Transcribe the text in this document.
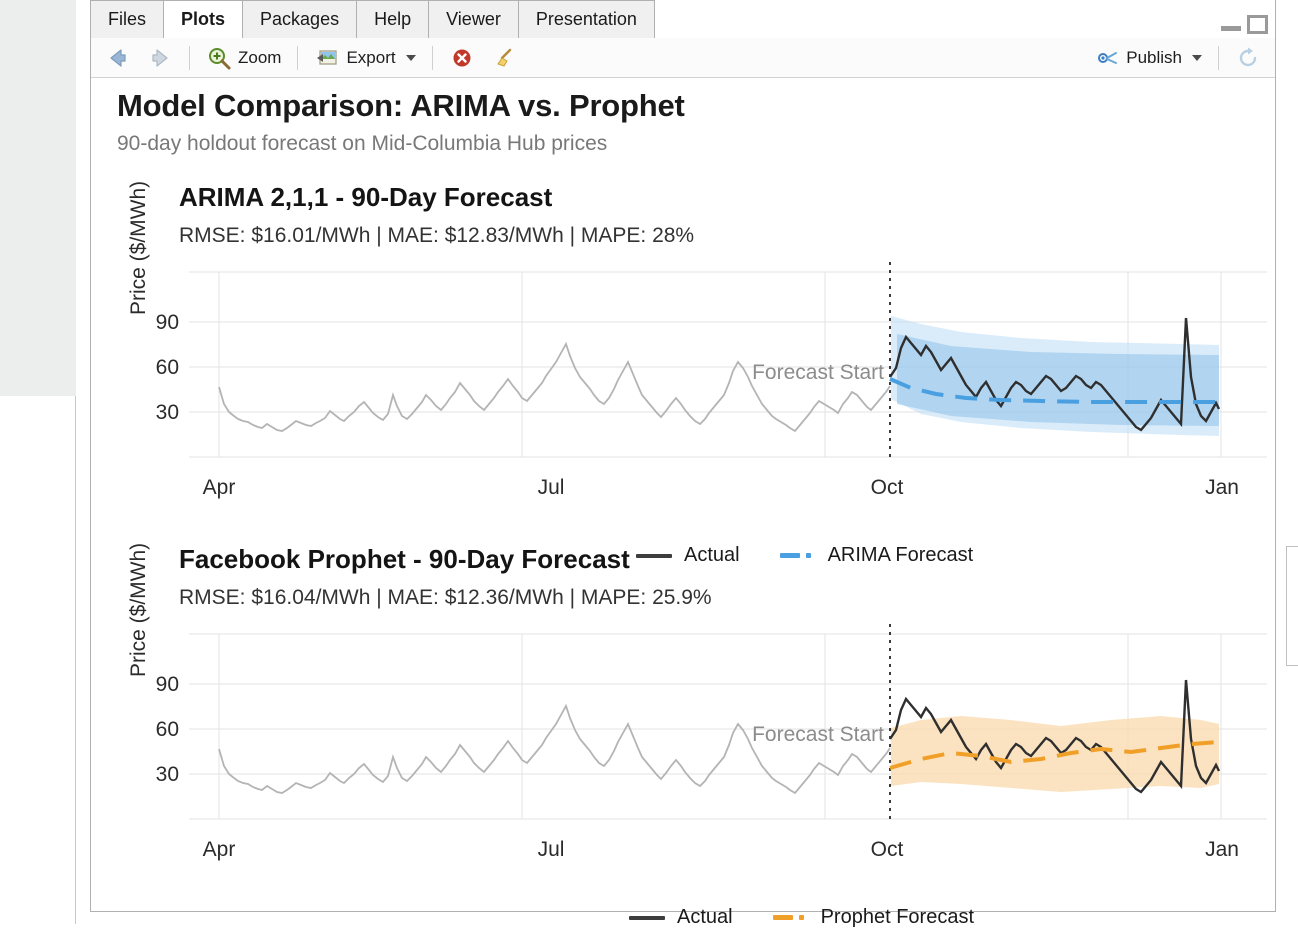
Files Plots Packages Help Viewer Presentation
Zoom	Export	Publish
Model Comparison: ARIMA vs. Prophet
90-day holdout forecast on Mid-Columbia Hub prices
ARIMA 2,1,1 - 90-Day Forecast
RMSE: $16.01/MWh | MAE: $12.83/MWh | MAPE: 28%
Price ($/MWh)
90
60
30
Apr	Jul	Oct	Jan
Forecast Start
Actual	ARIMA Forecast
Facebook Prophet - 90-Day Forecast
RMSE: $16.04/MWh | MAE: $12.36/MWh | MAPE: 25.9%
Price ($/MWh)
90
60
30
Apr	Jul	Oct	Jan
Forecast Start
Actual	Prophet Forecast
